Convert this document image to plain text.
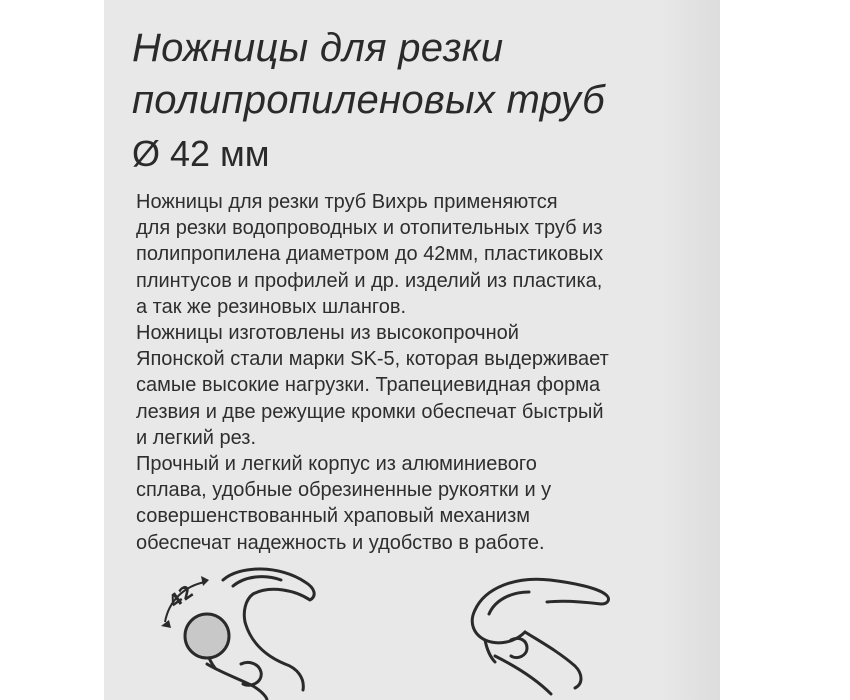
Ножницы для резки
полипропиленовых труб
Ø 42 мм
Ножницы для резки труб Вихрь применяются
для резки водопроводных и отопительных труб из
полипропилена диаметром до 42мм, пластиковых
плинтусов и профилей и др. изделий из пластика,
а так же резиновых шлангов.
Ножницы изготовлены из высокопрочной
Японской стали марки SK-5, которая выдерживает
самые высокие нагрузки. Трапециевидная форма
лезвия и две режущие кромки обеспечат быстрый
и легкий рез.
Прочный и легкий корпус из алюминиевого
сплава, удобные обрезиненные рукоятки и у
совершенствованный храповый механизм
обеспечат надежность и удобство в работе.
42
